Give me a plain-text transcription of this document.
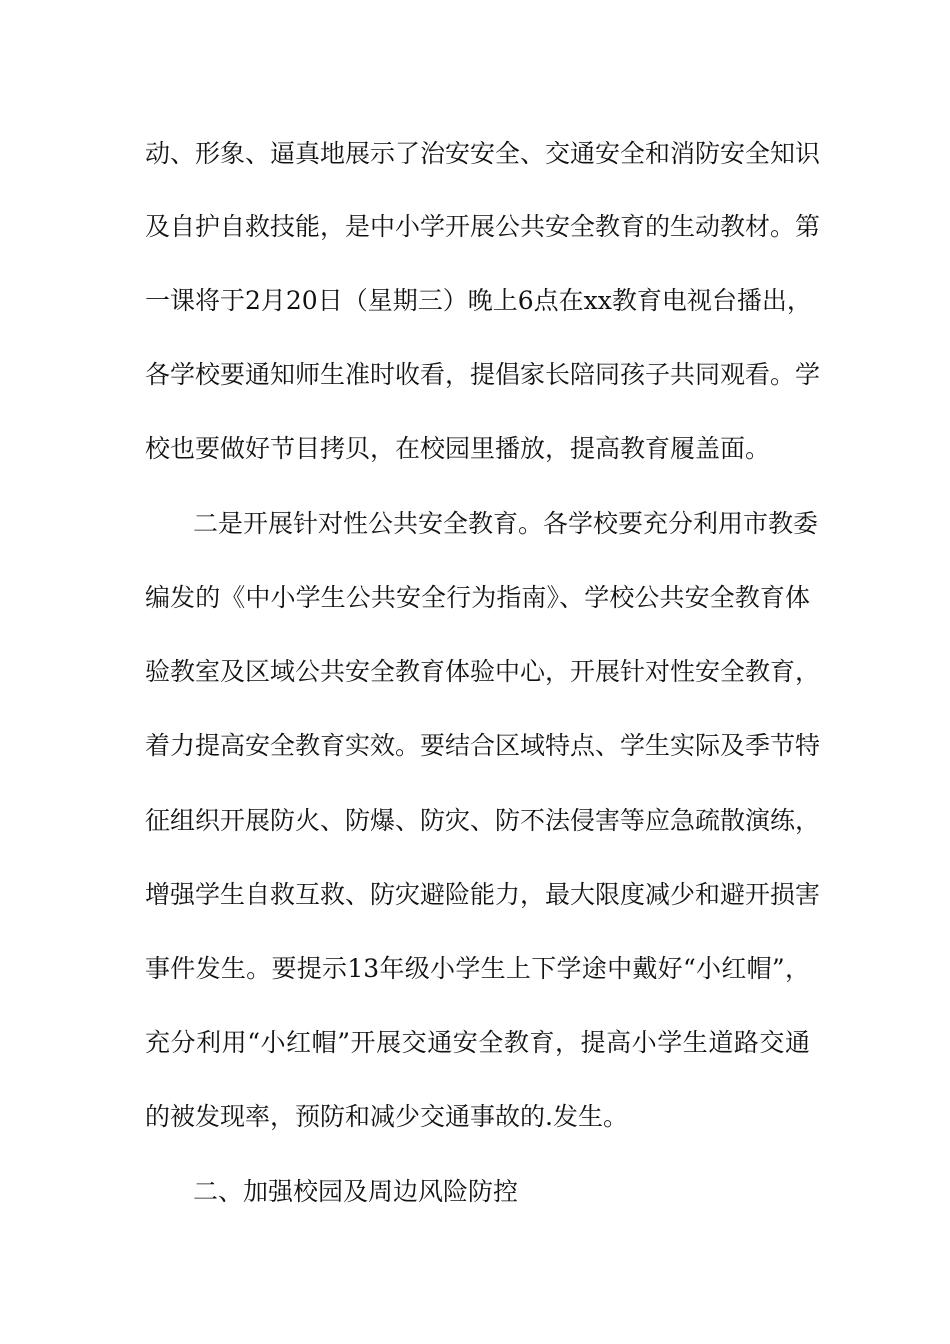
动、形象、逼真地展示了治安安全、交通安全和消防安全知识
及自护自救技能，是中小学开展公共安全教育的生动教材。第
一课将于2月20日（星期三）晚上6点在xx教育电视台播出，
各学校要通知师生准时收看，提倡家长陪同孩子共同观看。学
校也要做好节目拷贝，在校园里播放，提高教育履盖面。
二是开展针对性公共安全教育。各学校要充分利用市教委
编发的《中小学生公共安全行为指南》、学校公共安全教育体
验教室及区域公共安全教育体验中心，开展针对性安全教育，
着力提高安全教育实效。要结合区域特点、学生实际及季节特
征组织开展防火、防爆、防灾、防不法侵害等应急疏散演练，
增强学生自救互救、防灾避险能力，最大限度减少和避开损害
事件发生。要提示13年级小学生上下学途中戴好“小红帽”，
充分利用“小红帽”开展交通安全教育，提高小学生道路交通
的被发现率，预防和减少交通事故的.发生。
二、加强校园及周边风险防控
